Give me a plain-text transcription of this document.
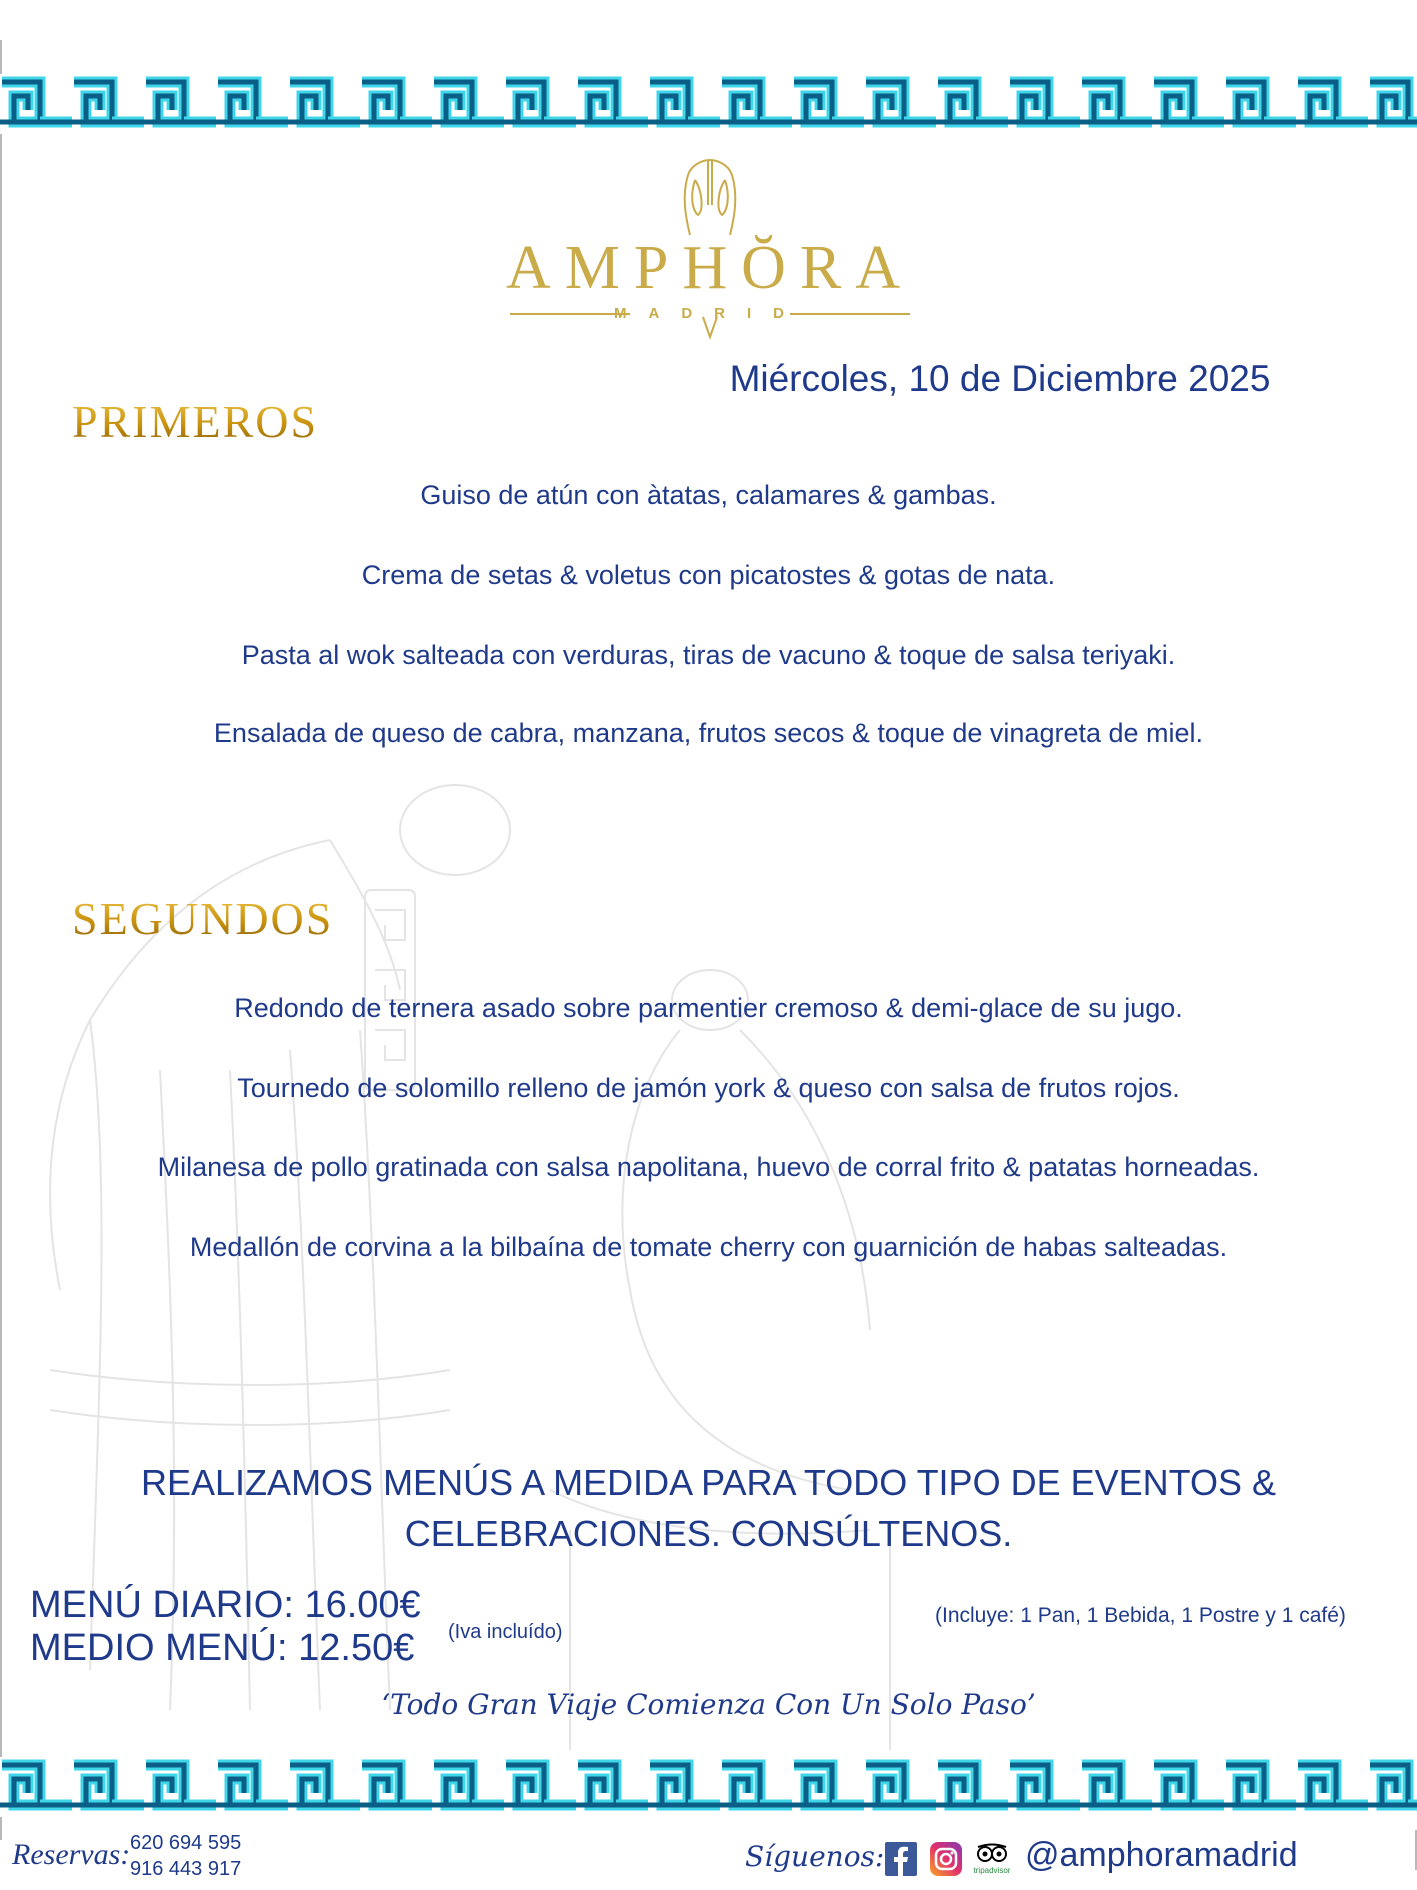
AMPHŎRA
MADRID
Miércoles, 10 de Diciembre 2025
PRIMEROS
Guiso de atún con àtatas, calamares & gambas.
Crema de setas & voletus con picatostes & gotas de nata.
Pasta al wok salteada con verduras, tiras de vacuno & toque de salsa teriyaki.
Ensalada de queso de cabra, manzana, frutos secos & toque de vinagreta de miel.
SEGUNDOS
Redondo de ternera asado sobre parmentier cremoso & demi-glace de su jugo.
Tournedo de solomillo relleno de jamón york & queso con salsa de frutos rojos.
Milanesa de pollo gratinada con salsa napolitana, huevo de corral frito & patatas horneadas.
Medallón de corvina a la bilbaína de tomate cherry con guarnición de habas salteadas.
REALIZAMOS MENÚS A MEDIDA PARA TODO TIPO DE EVENTOS &
CELEBRACIONES. CONSÚLTENOS.
MENÚ DIARIO: 16.00€
MEDIO MENÚ: 12.50€ (Iva incluído)
(Incluye: 1 Pan, 1 Bebida, 1 Postre y 1 café)
‘Todo Gran Viaje Comienza Con Un Solo Paso’
Reservas: 620 694 595
916 443 917	Síguenos:	tripadvisor @amphoramadrid
